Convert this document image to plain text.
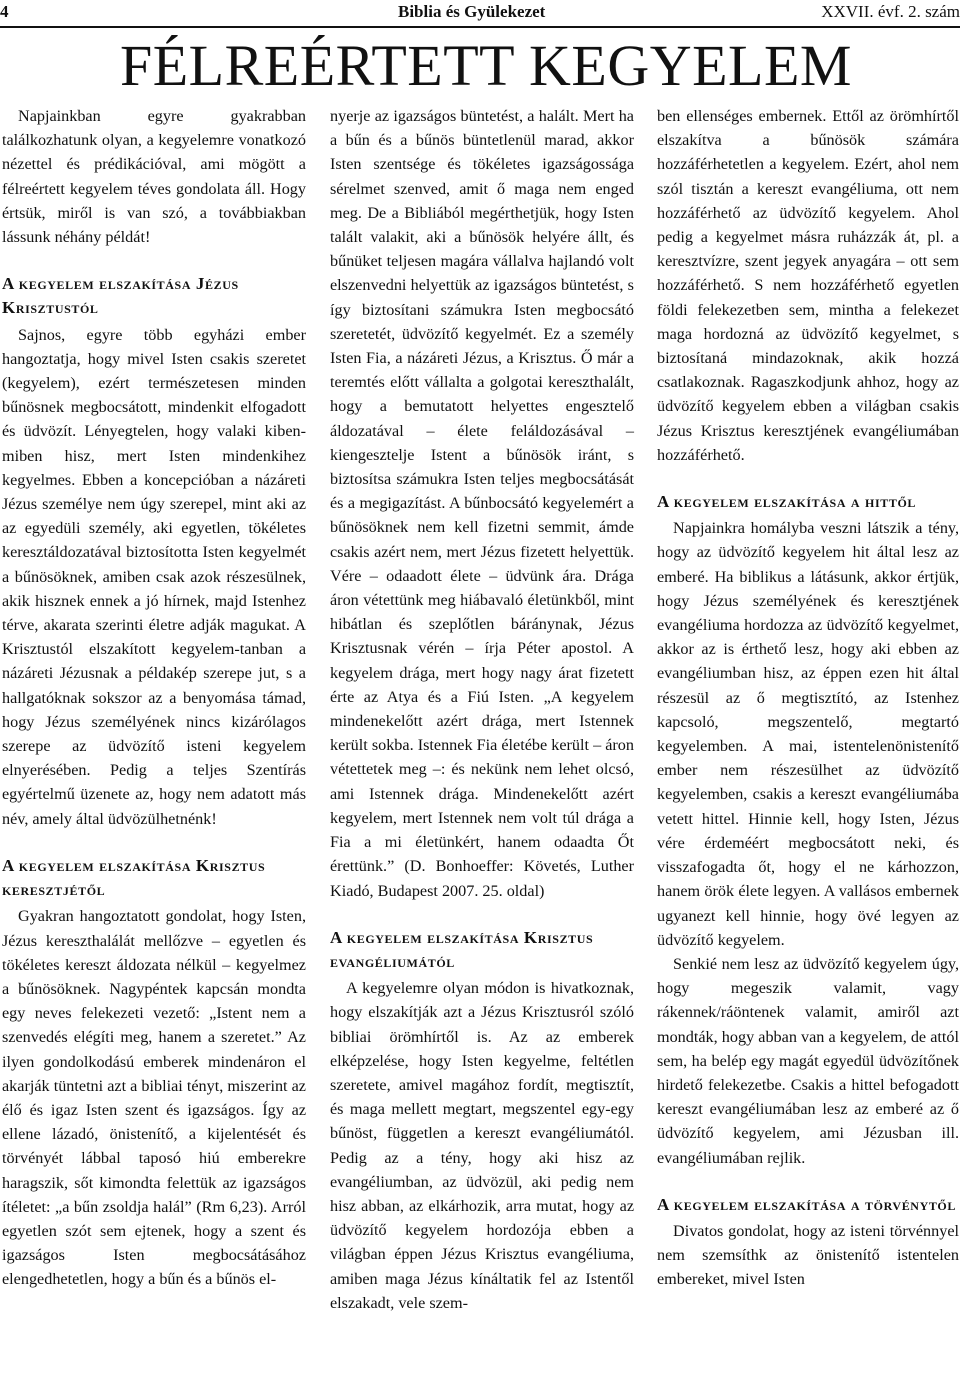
4	Biblia és Gyülekezet	XXVII. évf. 2. szám
FÉLREÉRTETT KEGYELEM

Napjainkban egyre gyakrabban találkozhatunk olyan, a kegyelemre vonatkozó nézettel és prédikációval, ami mögött a félreértett kegyelem téves gondolata áll. Hogy értsük, miről is van szó, a továbbiakban lássunk néhány példát!

A kegyelem elszakítása Jézus Krisztustól

Sajnos, egyre több egyházi ember hangoztatja, hogy mivel Isten csakis szeretet (kegyelem), ezért természetesen minden bűnösnek megbocsátott, mindenkit elfogadott és üdvözít. Lényegtelen, hogy valaki kiben-miben hisz, mert Isten mindenkihez kegyelmes. Ebben a koncepcióban a názáreti Jézus személye nem úgy szerepel, mint aki az az egyedüli személy, aki egyetlen, tökéletes keresztáldozatával biztosította Isten kegyelmét a bűnösöknek, amiben csak azok részesülnek, akik hisznek ennek a jó hírnek, majd Istenhez térve, akarata szerinti életre adják magukat. A Krisztustól elszakított kegyelem-tanban a názáreti Jézusnak a példakép szerepe jut, s a hallgatóknak sokszor az a benyomása támad, hogy Jézus személyének nincs kizárólagos szerepe az üdvözítő isteni kegyelem elnyerésében. Pedig a teljes Szentírás egyértelmű üzenete az, hogy nem adatott más név, amely által üdvözülhetnénk!

A kegyelem elszakítása Krisztus keresztjétől

Gyakran hangoztatott gondolat, hogy Isten, Jézus kereszthalálát mellőzve – egyetlen és tökéletes kereszt áldozata nélkül – kegyelmez a bűnösöknek. Nagypéntek kapcsán mondta egy neves felekezeti vezető: „Istent nem a szenvedés elégíti meg, hanem a szeretet.” Az ilyen gondolkodású emberek mindenáron el akarják tüntetni azt a bibliai tényt, miszerint az élő és igaz Isten szent és igazságos. Így az ellene lázadó, önistenítő, a kijelentését és törvényét lábbal taposó hiú emberekre haragszik, sőt kimondta felettük az igazságos ítéletet: „a bűn zsoldja halál” (Rm 6,23). Arról egyetlen szót sem ejtenek, hogy a szent és igazságos Isten megbocsátásához elengedhetetlen, hogy a bűn és a bűnös el-

nyerje az igazságos büntetést, a halált. Mert ha a bűn és a bűnös büntetlenül marad, akkor Isten szentsége és tökéletes igazságossága sérelmet szenved, amit ő maga nem enged meg. De a Bibliából megérthetjük, hogy Isten talált valakit, aki a bűnösök helyére állt, és bűnüket teljesen magára vállalva hajlandó volt elszenvedni helyettük az igazságos büntetést, s így biztosítani számukra Isten megbocsátó szeretetét, üdvözítő kegyelmét. Ez a személy Isten Fia, a názáreti Jézus, a Krisztus. Ő már a teremtés előtt vállalta a golgotai kereszthalált, hogy a bemutatott helyettes engesztelő áldozatával – élete feláldozásával – kiengesztelje Istent a bűnösök iránt, s biztosítsa számukra Isten teljes megbocsátását és a megigazítást. A bűnbocsátó kegyelemért a bűnösöknek nem kell fizetni semmit, ámde csakis azért nem, mert Jézus fizetett helyettük. Vére – odaadott élete – üdvünk ára. Drága áron vétettünk meg hiábavaló életünkből, mint hibátlan és szeplőtlen báránynak, Jézus Krisztusnak vérén – írja Péter apostol. A kegyelem drága, mert hogy nagy árat fizetett érte az Atya és a Fiú Isten. „A kegyelem mindenekelőtt azért drága, mert Istennek került sokba. Istennek Fia életébe került – áron vétettetek meg –: és nekünk nem lehet olcsó, ami Istennek drága. Mindenekelőtt azért kegyelem, mert Istennek nem volt túl drága a Fia a mi életünkért, hanem odaadta Őt érettünk.” (D. Bonhoeffer: Követés, Luther Kiadó, Budapest 2007. 25. oldal)

A kegyelem elszakítása Krisztus evangéliumától

A kegyelemre olyan módon is hivatkoznak, hogy elszakítják azt a Jézus Krisztusról szóló bibliai örömhírtől is. Az az emberek elképzelése, hogy Isten kegyelme, feltétlen szeretete, amivel magához fordít, megtisztít, és maga mellett megtart, megszentel egy-egy bűnöst, független a kereszt evangéliumától. Pedig az a tény, hogy aki hisz az evangéliumban, az üdvözül, aki pedig nem hisz abban, az elkárhozik, arra mutat, hogy az üdvözítő kegyelem hordozója ebben a világban éppen Jézus Krisztus evangéliuma, amiben maga Jézus kínáltatik fel az Istentől elszakadt, vele szem-

ben ellenséges embernek. Ettől az örömhírtől elszakítva a bűnösök számára hozzáférhetetlen a kegyelem. Ezért, ahol nem szól tisztán a kereszt evangéliuma, ott nem hozzáférhető az üdvözítő kegyelem. Ahol pedig a kegyelmet másra ruházzák át, pl. a keresztvízre, szent jegyek anyagára – ott sem hozzáférhető. S nem hozzáférhető egyetlen földi felekezetben sem, mintha a felekezet maga hordozná az üdvözítő kegyelmet, s biztosítaná mindazoknak, akik hozzá csatlakoznak. Ragaszkodjunk ahhoz, hogy az üdvözítő kegyelem ebben a világban csakis Jézus Krisztus keresztjének evangéliumában hozzáférhető.

A kegyelem elszakítása a hittől

Napjainkra homályba veszni látszik a tény, hogy az üdvözítő kegyelem hit által lesz az emberé. Ha biblikus a látásunk, akkor értjük, hogy Jézus személyének és keresztjének evangéliuma hordozza az üdvözítő kegyelmet, akkor az is érthető lesz, hogy aki ebben az evangéliumban hisz, az éppen ezen hit által részesül az ő megtisztító, az Istenhez kapcsoló, megszentelő, megtartó kegyelemben. A mai, istentelenönistenítő ember nem részesülhet az üdvözítő kegyelemben, csakis a kereszt evangéliumába vetett hittel. Hinnie kell, hogy Isten, Jézus vére érdeméért megbocsátott neki, és visszafogadta őt, hogy el ne kárhozzon, hanem örök élete legyen. A vallásos embernek ugyanezt kell hinnie, hogy övé legyen az üdvözítő kegyelem.

Senkié nem lesz az üdvözítő kegyelem úgy, hogy megeszik valamit, vagy rákennek/ráöntenek valamit, amiről azt mondták, hogy abban van a kegyelem, de attól sem, ha belép egy magát egyedül üdvözítőnek hirdető felekezetbe. Csakis a hittel befogadott kereszt evangéliumában lesz az emberé az ő üdvözítő kegyelem, ami Jézusban ill. evangéliumában rejlik.

A kegyelem elszakítása a törvénytől

Divatos gondolat, hogy az isteni törvénnyel nem szemsíthk az önistenítő istentelen embereket, mivel Isten
